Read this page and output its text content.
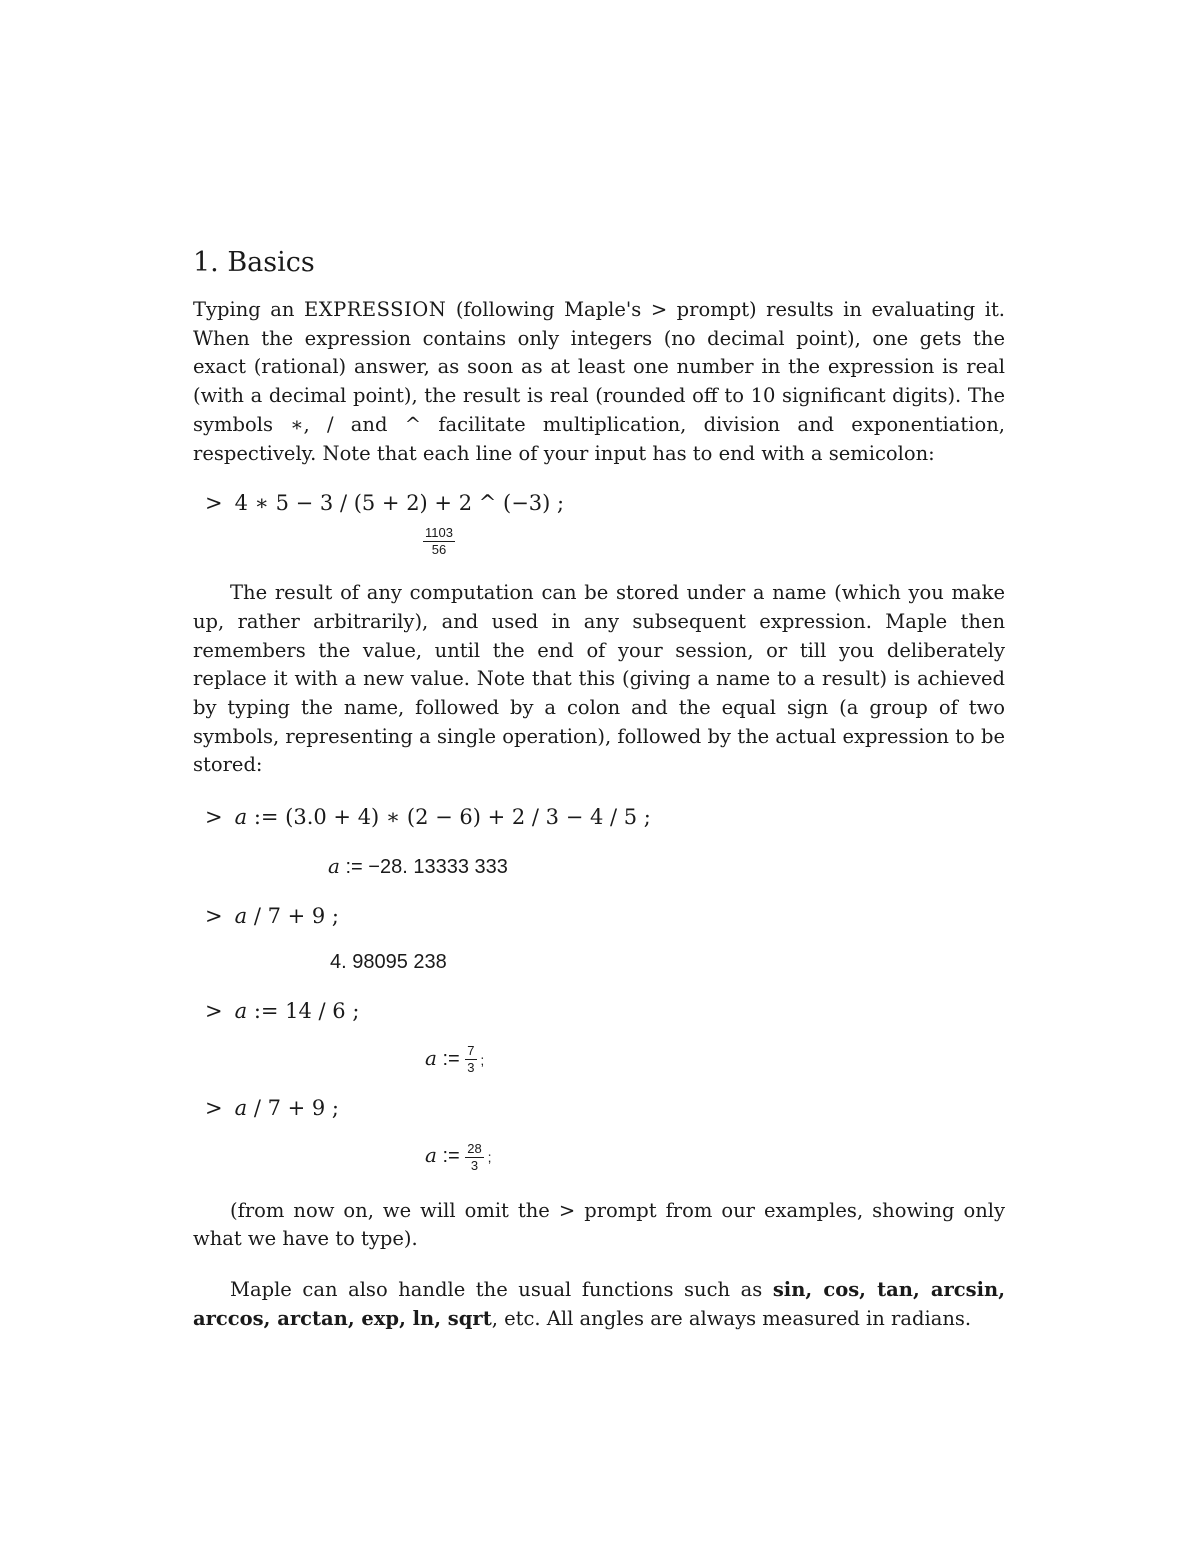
1. Basics

Typing an EXPRESSION (following Maple's > prompt) results in evaluating it. When the expression contains only integers (no decimal point), one gets the exact (rational) answer, as soon as at least one number in the expression is real (with a decimal point), the result is real (rounded off to 10 significant digits). The symbols ∗, / and ^ facilitate multiplication, division and exponentiation, respectively. Note that each line of your input has to end with a semicolon:

> 4 ∗ 5 − 3 / (5 + 2) + 2 ^ (−3) ;
$\frac{1103}{56}$

The result of any computation can be stored under a name (which you make up, rather arbitrarily), and used in any subsequent expression. Maple then remembers the value, until the end of your session, or till you deliberately replace it with a new value. Note that this (giving a name to a result) is achieved by typing the name, followed by a colon and the equal sign (a group of two symbols, representing a single operation), followed by the actual expression to be stored:

> a := (3.0 + 4) ∗ (2 − 6) + 2 / 3 − 4 / 5 ;
a := −28. 13333 333
> a / 7 + 9 ;
4. 98095 238
> a := 14 / 6 ;
a := $\frac{7}{3}$ ;
> a / 7 + 9 ;
a := $\frac{28}{3}$ ;

(from now on, we will omit the > prompt from our examples, showing only what we have to type).

Maple can also handle the usual functions such as sin, cos, tan, arcsin, arccos, arctan, exp, ln, sqrt, etc. All angles are always measured in radians.
